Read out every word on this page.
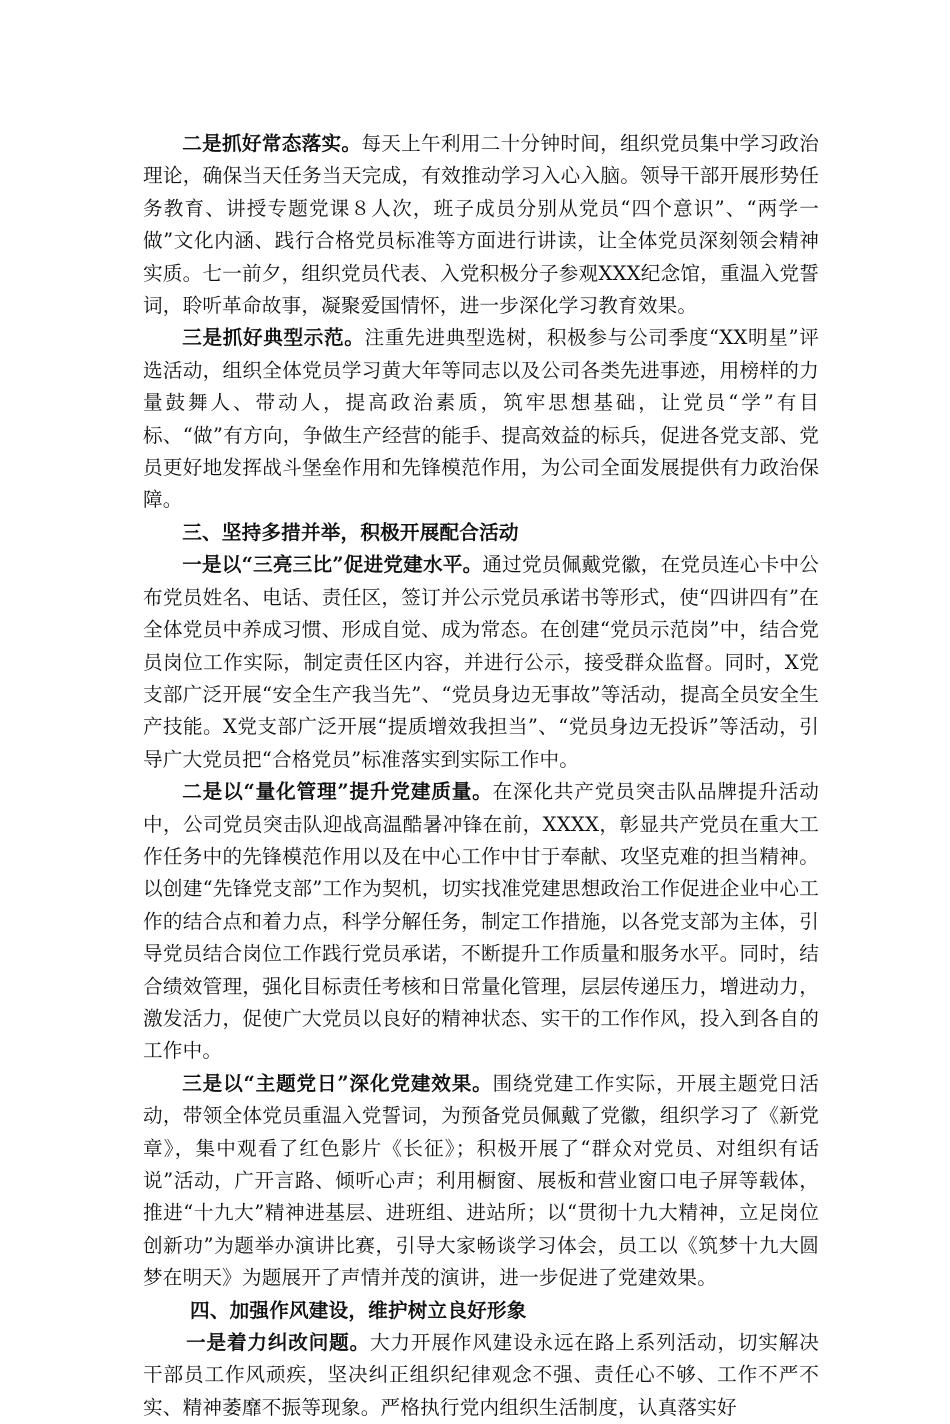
二是抓好常态落实。每天上午利用二十分钟时间，组织党员集中学习政治理论，确保当天任务当天完成，有效推动学习入心入脑。领导干部开展形势任务教育、讲授专题党课８人次，班子成员分别从党员“四个意识”、“两学一做”文化内涵、践行合格党员标准等方面进行讲读，让全体党员深刻领会精神实质。七一前夕，组织党员代表、入党积极分子参观XXX纪念馆，重温入党誓词，聆听革命故事，凝聚爱国情怀，进一步深化学习教育效果。

三是抓好典型示范。注重先进典型选树，积极参与公司季度“XX明星”评选活动，组织全体党员学习黄大年等同志以及公司各类先进事迹，用榜样的力量鼓舞人、带动人，提高政治素质，筑牢思想基础，让党员“学”有目标、“做”有方向，争做生产经营的能手、提高效益的标兵，促进各党支部、党员更好地发挥战斗堡垒作用和先锋模范作用，为公司全面发展提供有力政治保障。

三、坚持多措并举，积极开展配合活动

一是以“三亮三比”促进党建水平。通过党员佩戴党徽，在党员连心卡中公布党员姓名、电话、责任区，签订并公示党员承诺书等形式，使“四讲四有”在全体党员中养成习惯、形成自觉、成为常态。在创建“党员示范岗”中，结合党员岗位工作实际，制定责任区内容，并进行公示，接受群众监督。同时，X党支部广泛开展“安全生产我当先”、“党员身边无事故”等活动，提高全员安全生产技能。X党支部广泛开展“提质增效我担当”、“党员身边无投诉”等活动，引导广大党员把“合格党员”标准落实到实际工作中。

二是以“量化管理”提升党建质量。在深化共产党员突击队品牌提升活动中，公司党员突击队迎战高温酷暑冲锋在前，XXXX，彰显共产党员在重大工作任务中的先锋模范作用以及在中心工作中甘于奉献、攻坚克难的担当精神。以创建“先锋党支部”工作为契机，切实找准党建思想政治工作促进企业中心工作的结合点和着力点，科学分解任务，制定工作措施，以各党支部为主体，引导党员结合岗位工作践行党员承诺，不断提升工作质量和服务水平。同时，结合绩效管理，强化目标责任考核和日常量化管理，层层传递压力，增进动力，激发活力，促使广大党员以良好的精神状态、实干的工作作风，投入到各自的工作中。

三是以“主题党日”深化党建效果。围绕党建工作实际，开展主题党日活动，带领全体党员重温入党誓词，为预备党员佩戴了党徽，组织学习了《新党章》，集中观看了红色影片《长征》；积极开展了“群众对党员、对组织有话说”活动，广开言路、倾听心声；利用橱窗、展板和营业窗口电子屏等载体，推进“十九大”精神进基层、进班组、进站所；以“贯彻十九大精神，立足岗位创新功”为题举办演讲比赛，引导大家畅谈学习体会，员工以《筑梦十九大圆梦在明天》为题展开了声情并茂的演讲，进一步促进了党建效果。

四、加强作风建设，维护树立良好形象

一是着力纠改问题。大力开展作风建设永远在路上系列活动，切实解决干部员工作风顽疾，坚决纠正组织纪律观念不强、责任心不够、工作不严不实、精神萎靡不振等现象。严格执行党内组织生活制度，认真落实好
